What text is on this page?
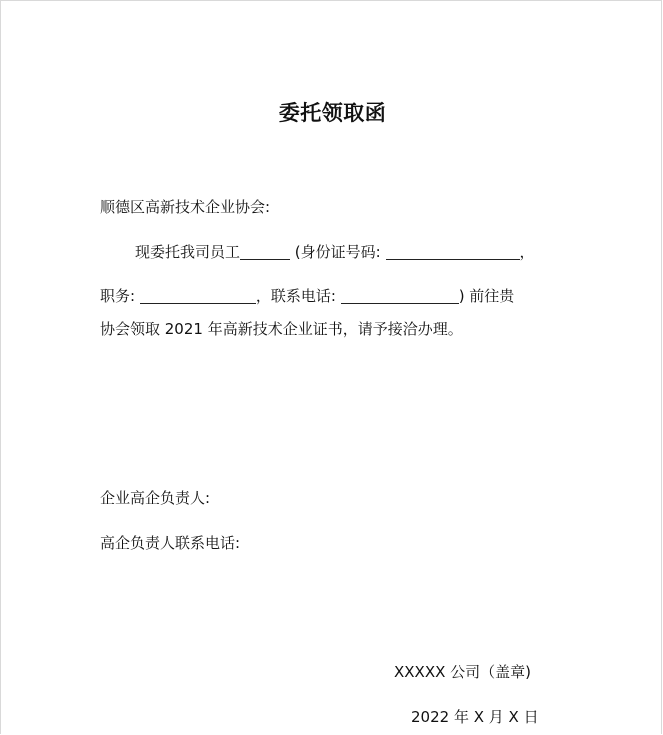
委托领取函
顺德区高新技术企业协会:
现委托我司员工	(身份证号码:	，
职务:	，联系电话:	) 前往贵
协会领取 2021 年高新技术企业证书，请予接洽办理。
企业高企负责人:
高企负责人联系电话:
XXXXX 公司（盖章)
2022 年 X 月 X 日
